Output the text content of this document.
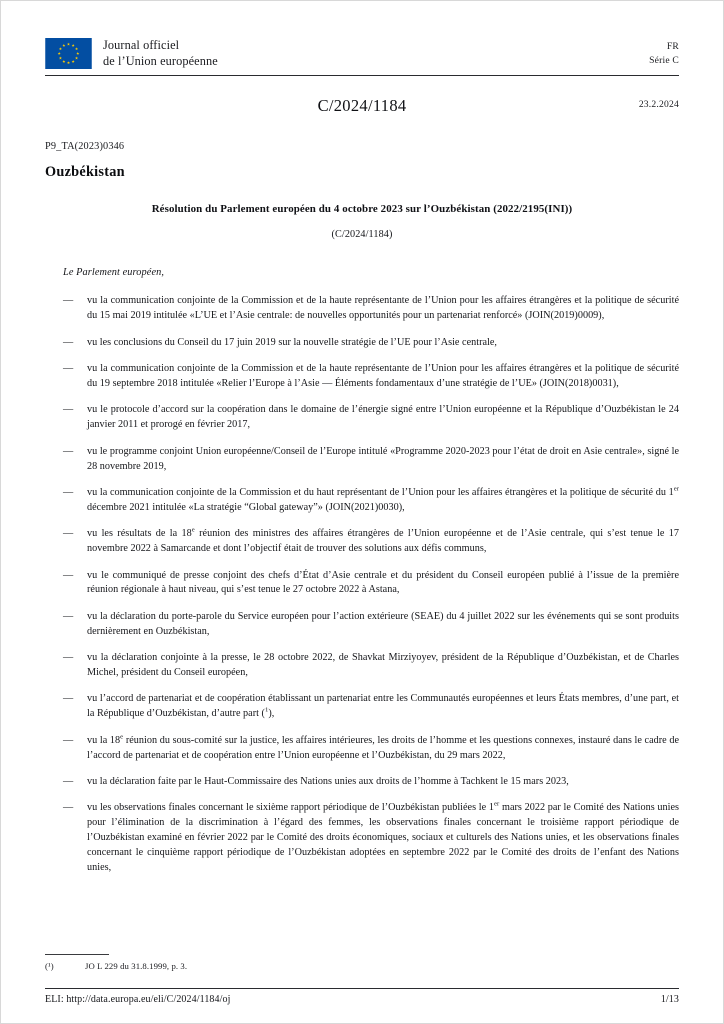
Journal officiel
de l’Union européenne
FR
Série C
C/2024/1184	23.2.2024
P9_TA(2023)0346
Ouzbékistan
Résolution du Parlement européen du 4 octobre 2023 sur l’Ouzbékistan (2022/2195(INI))
(C/2024/1184)
Le Parlement européen,
—	vu la communication conjointe de la Commission et de la haute représentante de l’Union pour les affaires étrangères et la politique de sécurité du 15 mai 2019 intitulée «L’UE et l’Asie centrale: de nouvelles opportunités pour un partenariat renforcé» (JOIN(2019)0009),
—	vu les conclusions du Conseil du 17 juin 2019 sur la nouvelle stratégie de l’UE pour l’Asie centrale,
—	vu la communication conjointe de la Commission et de la haute représentante de l’Union pour les affaires étrangères et la politique de sécurité du 19 septembre 2018 intitulée «Relier l’Europe à l’Asie — Éléments fondamentaux d’une stratégie de l’UE» (JOIN(2018)0031),
—	vu le protocole d’accord sur la coopération dans le domaine de l’énergie signé entre l’Union européenne et la République d’Ouzbékistan le 24 janvier 2011 et prorogé en février 2017,
—	vu le programme conjoint Union européenne/Conseil de l’Europe intitulé «Programme 2020-2023 pour l’état de droit en Asie centrale», signé le 28 novembre 2019,
—	vu la communication conjointe de la Commission et du haut représentant de l’Union pour les affaires étrangères et la politique de sécurité du 1er décembre 2021 intitulée «La stratégie “Global gateway”» (JOIN(2021)0030),
—	vu les résultats de la 18e réunion des ministres des affaires étrangères de l’Union européenne et de l’Asie centrale, qui s’est tenue le 17 novembre 2022 à Samarcande et dont l’objectif était de trouver des solutions aux défis communs,
—	vu le communiqué de presse conjoint des chefs d’État d’Asie centrale et du président du Conseil européen publié à l’issue de la première réunion régionale à haut niveau, qui s’est tenue le 27 octobre 2022 à Astana,
—	vu la déclaration du porte-parole du Service européen pour l’action extérieure (SEAE) du 4 juillet 2022 sur les événements qui se sont produits dernièrement en Ouzbékistan,
—	vu la déclaration conjointe à la presse, le 28 octobre 2022, de Shavkat Mirziyoyev, président de la République d’Ouzbékistan, et de Charles Michel, président du Conseil européen,
—	vu l’accord de partenariat et de coopération établissant un partenariat entre les Communautés européennes et leurs États membres, d’une part, et la République d’Ouzbékistan, d’autre part ($^1$),
—	vu la 18e réunion du sous-comité sur la justice, les affaires intérieures, les droits de l’homme et les questions connexes, instauré dans le cadre de l’accord de partenariat et de coopération entre l’Union européenne et l’Ouzbékistan, du 29 mars 2022,
—	vu la déclaration faite par le Haut-Commissaire des Nations unies aux droits de l’homme à Tachkent le 15 mars 2023,
—	vu les observations finales concernant le sixième rapport périodique de l’Ouzbékistan publiées le 1er mars 2022 par le Comité des Nations unies pour l’élimination de la discrimination à l’égard des femmes, les observations finales concernant le troisième rapport périodique de l’Ouzbékistan examiné en février 2022 par le Comité des droits économiques, sociaux et culturels des Nations unies, et les observations finales concernant le cinquième rapport périodique de l’Ouzbékistan adoptées en septembre 2022 par le Comité des droits de l’enfant des Nations unies,
(¹)	JO L 229 du 31.8.1999, p. 3.
ELI: http://data.europa.eu/eli/C/2024/1184/oj	1/13
